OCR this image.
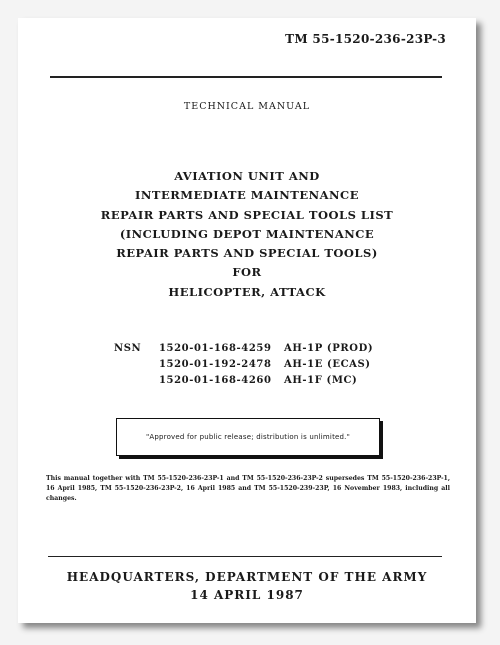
TM 55-1520-236-23P-3
TECHNICAL MANUAL
AVIATION UNIT AND
INTERMEDIATE MAINTENANCE
REPAIR PARTS AND SPECIAL TOOLS LIST
(INCLUDING DEPOT MAINTENANCE
REPAIR PARTS AND SPECIAL TOOLS)
FOR
HELICOPTER, ATTACK
NSN	1520-01-168-4259	AH-1P (PROD)
1520-01-192-2478	AH-1E (ECAS)
1520-01-168-4260	AH-1F (MC)
"Approved for public release; distribution is unlimited."
This manual together with TM 55-1520-236-23P-1 and TM 55-1520-236-23P-2 supersedes TM 55-1520-236-23P-1, 16 April 1985, TM 55-1520-236-23P-2, 16 April 1985 and TM 55-1520-239-23P, 16 November 1983, including all changes.
HEADQUARTERS, DEPARTMENT OF THE ARMY
14 APRIL 1987
